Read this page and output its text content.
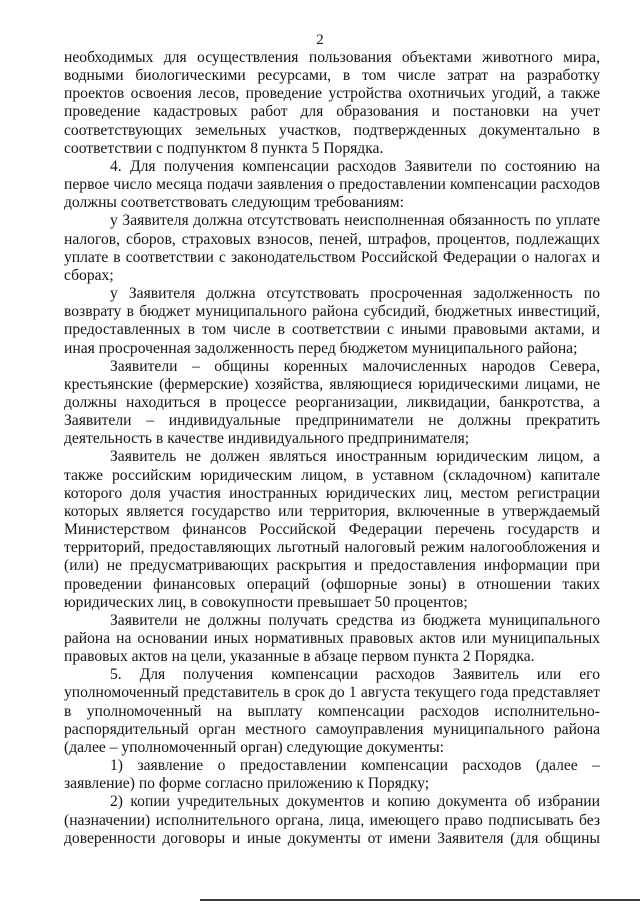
2

необходимых для осуществления пользования объектами животного мира, водными биологическими ресурсами, в том числе затрат на разработку проектов освоения лесов, проведение устройства охотничьих угодий, а также проведение кадастровых работ для образования и постановки на учет соответствующих земельных участков, подтвержденных документально в соответствии с подпунктом 8 пункта 5 Порядка.

4. Для получения компенсации расходов Заявители по состоянию на первое число месяца подачи заявления о предоставлении компенсации расходов должны соответствовать следующим требованиям:

у Заявителя должна отсутствовать неисполненная обязанность по уплате налогов, сборов, страховых взносов, пеней, штрафов, процентов, подлежащих уплате в соответствии с законодательством Российской Федерации о налогах и сборах;

у Заявителя должна отсутствовать просроченная задолженность по возврату в бюджет муниципального района субсидий, бюджетных инвестиций, предоставленных в том числе в соответствии с иными правовыми актами, и иная просроченная задолженность перед бюджетом муниципального района;

Заявители – общины коренных малочисленных народов Севера, крестьянские (фермерские) хозяйства, являющиеся юридическими лицами, не должны находиться в процессе реорганизации, ликвидации, банкротства, а Заявители – индивидуальные предприниматели не должны прекратить деятельность в качестве индивидуального предпринимателя;

Заявитель не должен являться иностранным юридическим лицом, а также российским юридическим лицом, в уставном (складочном) капитале которого доля участия иностранных юридических лиц, местом регистрации которых является государство или территория, включенные в утверждаемый Министерством финансов Российской Федерации перечень государств и территорий, предоставляющих льготный налоговый режим налогообложения и (или) не предусматривающих раскрытия и предоставления информации при проведении финансовых операций (офшорные зоны) в отношении таких юридических лиц, в совокупности превышает 50 процентов;

Заявители не должны получать средства из бюджета муниципального района на основании иных нормативных правовых актов или муниципальных правовых актов на цели, указанные в абзаце первом пункта 2 Порядка.

5. Для получения компенсации расходов Заявитель или его уполномоченный представитель в срок до 1 августа текущего года представляет в уполномоченный на выплату компенсации расходов исполнительно-распорядительный орган местного самоуправления муниципального района (далее – уполномоченный орган) следующие документы:

1) заявление о предоставлении компенсации расходов (далее – заявление) по форме согласно приложению к Порядку;

2) копии учредительных документов и копию документа об избрании (назначении) исполнительного органа, лица, имеющего право подписывать без доверенности договоры и иные документы от имени Заявителя (для общины
